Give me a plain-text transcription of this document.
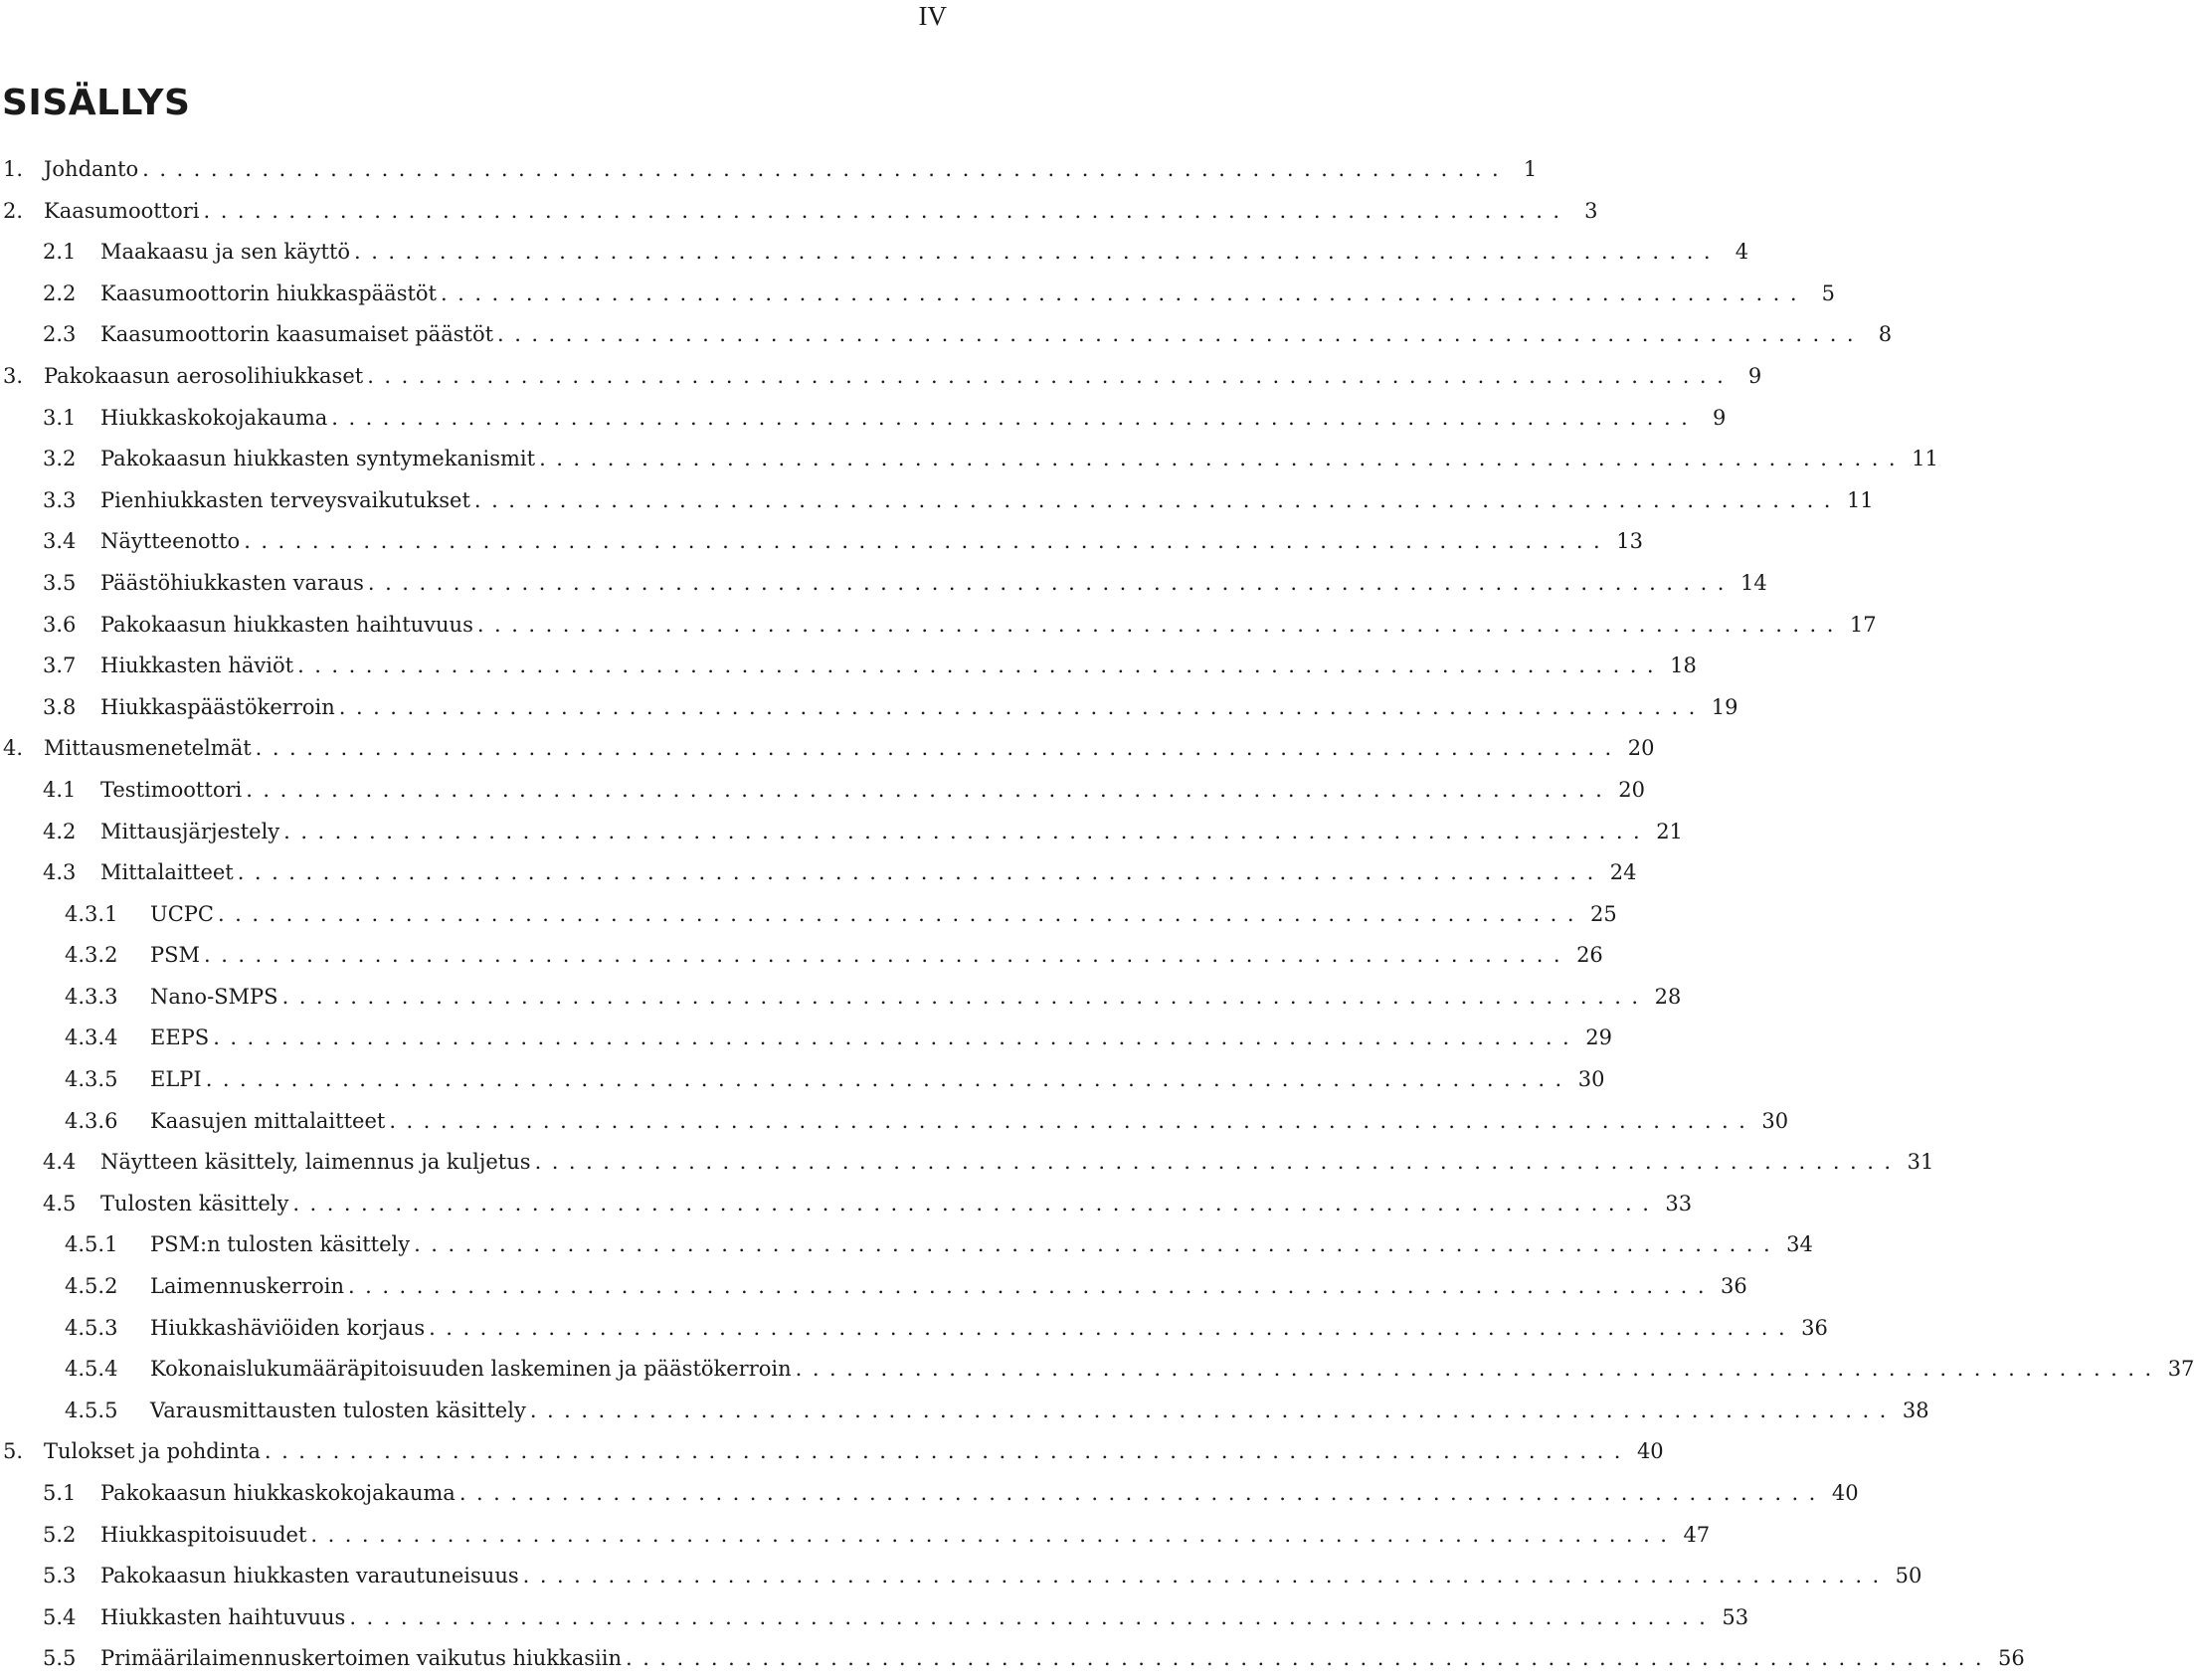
IV
SISÄLLYS
1. Johdanto ................................................................................ 1
2. Kaasumoottori ................................................................................ 3
2.1	Maakaasu ja sen käyttö ................................................................................ 4
2.2	Kaasumoottorin hiukkaspäästöt ................................................................................ 5
2.3	Kaasumoottorin kaasumaiset päästöt ................................................................................ 8
3. Pakokaasun aerosolihiukkaset ................................................................................ 9
3.1	Hiukkaskokojakauma ................................................................................ 9
3.2	Pakokaasun hiukkasten syntymekanismit ................................................................................ 11
3.3	Pienhiukkasten terveysvaikutukset ................................................................................ 11
3.4	Näytteenotto ................................................................................ 13
3.5	Päästöhiukkasten varaus ................................................................................ 14
3.6	Pakokaasun hiukkasten haihtuvuus ................................................................................ 17
3.7	Hiukkasten häviöt ................................................................................ 18
3.8	Hiukkaspäästökerroin ................................................................................ 19
4. Mittausmenetelmät ................................................................................ 20
4.1	Testimoottori ................................................................................ 20
4.2	Mittausjärjestely ................................................................................ 21
4.3	Mittalaitteet ................................................................................ 24
4.3.1	UCPC ................................................................................ 25
4.3.2	PSM ................................................................................ 26
4.3.3	Nano-SMPS ................................................................................ 28
4.3.4	EEPS ................................................................................ 29
4.3.5	ELPI ................................................................................ 30
4.3.6	Kaasujen mittalaitteet ................................................................................ 30
4.4	Näytteen käsittely, laimennus ja kuljetus ................................................................................ 31
4.5	Tulosten käsittely ................................................................................ 33
4.5.1	PSM:n tulosten käsittely ................................................................................ 34
4.5.2	Laimennuskerroin ................................................................................ 36
4.5.3	Hiukkashäviöiden korjaus ................................................................................ 36
4.5.4	Kokonaislukumääräpitoisuuden laskeminen ja päästökerroin ................................................................................ 37
4.5.5	Varausmittausten tulosten käsittely ................................................................................ 38
5. Tulokset ja pohdinta ................................................................................ 40
5.1	Pakokaasun hiukkaskokojakauma ................................................................................ 40
5.2	Hiukkaspitoisuudet ................................................................................ 47
5.3	Pakokaasun hiukkasten varautuneisuus ................................................................................ 50
5.4	Hiukkasten haihtuvuus ................................................................................ 53
5.5	Primäärilaimennuskertoimen vaikutus hiukkasiin ................................................................................ 56
